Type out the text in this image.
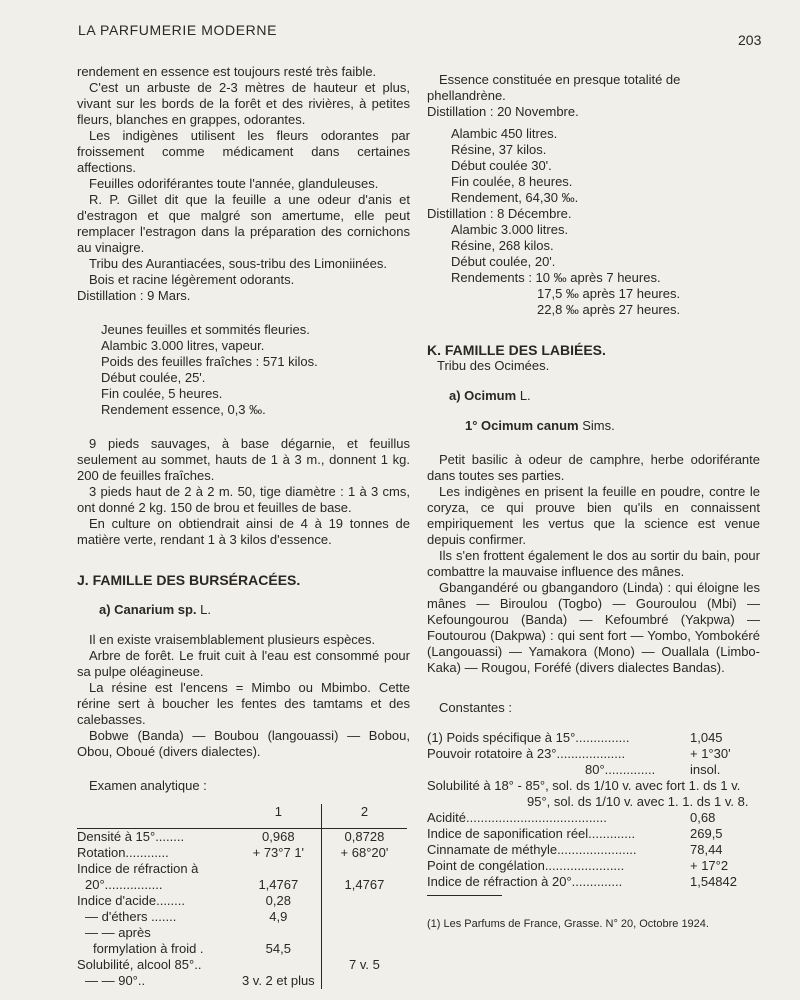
LA PARFUMERIE MODERNE
203
rendement en essence est toujours resté très faible.
C'est un arbuste de 2-3 mètres de hauteur et plus, vivant sur les bords de la forêt et des rivières, à petites fleurs, blanches en grappes, odorantes.
Les indigènes utilisent les fleurs odorantes par froissement comme médicament dans certaines affections.
Feuilles odoriférantes toute l'année, glanduleuses.
R. P. Gillet dit que la feuille a une odeur d'anis et d'estragon et que malgré son amertume, elle peut remplacer l'estragon dans la préparation des cornichons au vinaigre.
Tribu des Aurantiacées, sous-tribu des Limoniinées.
Bois et racine légèrement odorants.
Distillation : 9 Mars.
Jeunes feuilles et sommités fleuries.
Alambic 3.000 litres, vapeur.
Poids des feuilles fraîches : 571 kilos.
Début coulée, 25'.
Fin coulée, 5 heures.
Rendement essence, 0,3 ‰.
9 pieds sauvages, à base dégarnie, et feuillus seulement au sommet, hauts de 1 à 3 m., donnent 1 kg. 200 de feuilles fraîches.
3 pieds haut de 2 à 2 m. 50, tige diamètre : 1 à 3 cms, ont donné 2 kg. 150 de brou et feuilles de base.
En culture on obtiendrait ainsi de 4 à 19 tonnes de matière verte, rendant 1 à 3 kilos d'essence.
J. FAMILLE DES BURSÉRACÉES.
a) Canarium sp. L.
Il en existe vraisemblablement plusieurs espèces.
Arbre de forêt. Le fruit cuit à l'eau est consommé pour sa pulpe oléagineuse.
La résine est l'encens = Mimbo ou Mbimbo. Cette rérine sert à boucher les fentes des tamtams et des calebasses.
Bobwe (Banda) — Boubou (langouassi) — Bobou, Obou, Oboué (divers dialectes).
Examen analytique :
	1	2
Densité à 15°........	0,968	0,8728
Rotation............	+ 73°7 1'	+ 68°20'
Indice de réfraction à		
20°................	1,4767	1,4767
Indice d'acide........	0,28	
— d'éthers .......	4,9	
— — après		
formylation à froid .	54,5	
Solubilité, alcool 85°..		7 v. 5
— — 90°..	3 v. 2 et plus	
Essence constituée en presque totalité de phellandrène.
Distillation : 20 Novembre.
Alambic 450 litres.
Résine, 37 kilos.
Début coulée 30'.
Fin coulée, 8 heures.
Rendement, 64,30 ‰.
Distillation : 8 Décembre.
Alambic 3.000 litres.
Résine, 268 kilos.
Début coulée, 20'.
Rendements : 10 ‰ après 7 heures.
17,5 ‰ après 17 heures.
22,8 ‰ après 27 heures.
K. FAMILLE DES LABIÉES.
Tribu des Ocimées.
a) Ocimum L.
1° Ocimum canum Sims.
Petit basilic à odeur de camphre, herbe odoriférante dans toutes ses parties.
Les indigènes en prisent la feuille en poudre, contre le coryza, ce qui prouve bien qu'ils en connaissent empiriquement les vertus que la science est venue depuis confirmer.
Ils s'en frottent également le dos au sortir du bain, pour combattre la mauvaise influence des mânes.
Gbangandéré ou gbangandoro (Linda) : qui éloigne les mânes — Biroulou (Togbo) — Gouroulou (Mbi) — Kefoungourou (Banda) — Kefoumbré (Yakpwa) — Foutourou (Dakpwa) : qui sent fort — Yombo, Yombokéré (Langouassi) — Yamakora (Mono) — Ouallala (Limbo-Kaka) — Rougou, Foréfé (divers dialectes Bandas).
Constantes :
(1) Poids spécifique à 15°...............	1,045
Pouvoir rotatoire à 23°...................	+ 1°30'
80°..............	insol.
Solubilité à 18° - 85°, sol. ds 1/10 v. avec fort 1. ds 1 v.
95°, sol. ds 1/10 v. avec 1. 1. ds 1 v. 8.
Acidité.......................................	0,68
Indice de saponification réel.............	269,5
Cinnamate de méthyle......................	78,44
Point de congélation......................	+ 17°2
Indice de réfraction à 20°..............	1,54842
(1) Les Parfums de France, Grasse. N° 20, Octobre 1924.
